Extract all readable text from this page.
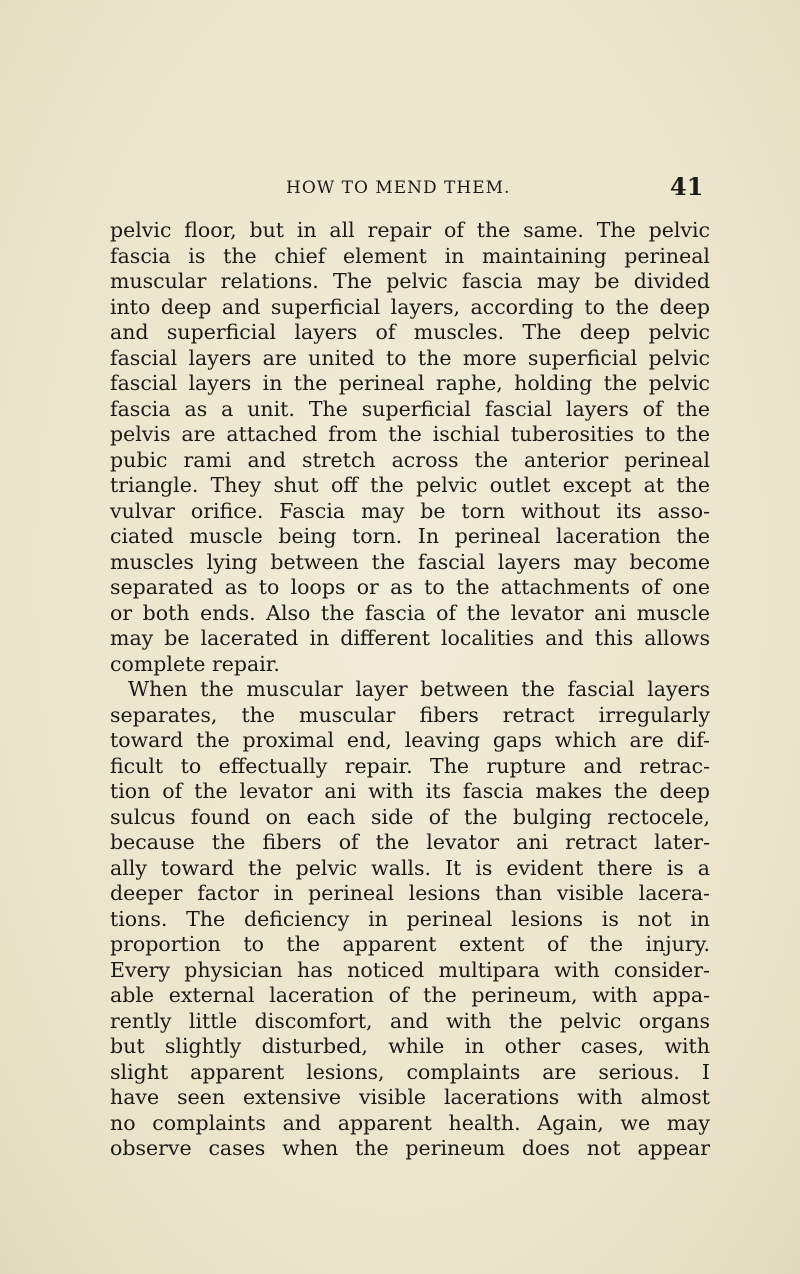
HOW TO MEND THEM.	41
pelvic floor, but in all repair of the same. The pelvic
fascia is the chief element in maintaining perineal
muscular relations. The pelvic fascia may be divided
into deep and superficial layers, according to the deep
and superficial layers of muscles. The deep pelvic
fascial layers are united to the more superficial pelvic
fascial layers in the perineal raphe, holding the pelvic
fascia as a unit. The superficial fascial layers of the
pelvis are attached from the ischial tuberosities to the
pubic rami and stretch across the anterior perineal
triangle. They shut off the pelvic outlet except at the
vulvar orifice. Fascia may be torn without its asso-
ciated muscle being torn. In perineal laceration the
muscles lying between the fascial layers may become
separated as to loops or as to the attachments of one
or both ends. Also the fascia of the levator ani muscle
may be lacerated in different localities and this allows
complete repair.
When the muscular layer between the fascial layers
separates, the muscular fibers retract irregularly
toward the proximal end, leaving gaps which are dif-
ficult to effectually repair. The rupture and retrac-
tion of the levator ani with its fascia makes the deep
sulcus found on each side of the bulging rectocele,
because the fibers of the levator ani retract later-
ally toward the pelvic walls. It is evident there is a
deeper factor in perineal lesions than visible lacera-
tions. The deficiency in perineal lesions is not in
proportion to the apparent extent of the injury.
Every physician has noticed multipara with consider-
able external laceration of the perineum, with appa-
rently little discomfort, and with the pelvic organs
but slightly disturbed, while in other cases, with
slight apparent lesions, complaints are serious. I
have seen extensive visible lacerations with almost
no complaints and apparent health. Again, we may
observe cases when the perineum does not appear
